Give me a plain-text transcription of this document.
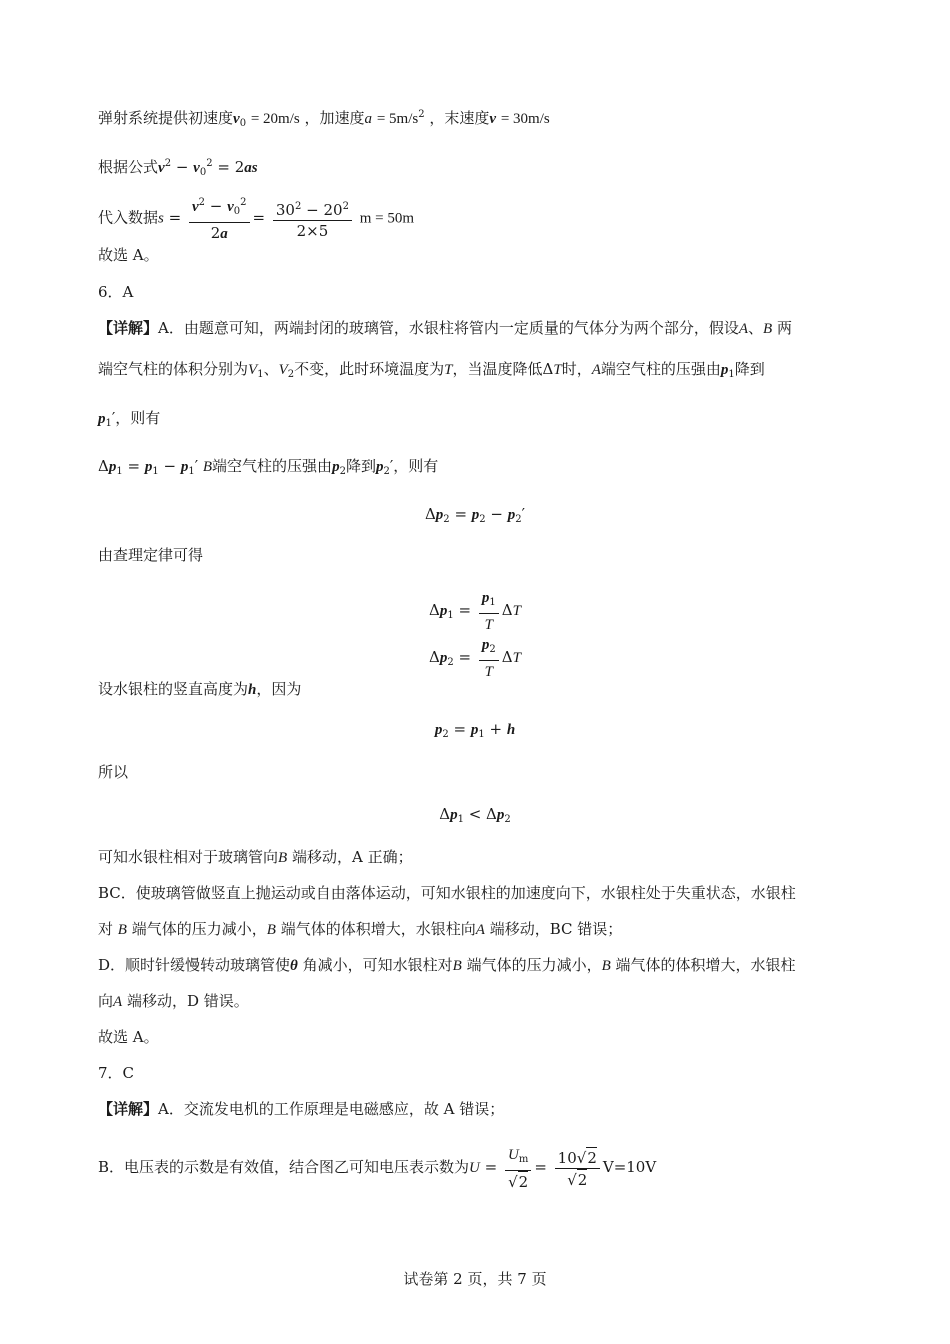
弹射系统提供初速度$v_0 = 20m/s$ ，加速度$a = 5m/s^2$ ，末速度v = 30m/s
根据公式$v^2 - v_0^2 = 2as$
代入数据$s = \frac{v^2 - v_0^2}{2a} = \frac{30^2 - 20^2}{2\times 5}$ m = 50m
故选 A。
6．A
【详解】A．由题意可知，两端封闭的玻璃管，水银柱将管内一定质量的气体分为两个部分，假设A、B 两
端空气柱的体积分别为$V_1$、$V_2$不变，此时环境温度为T，当温度降低ΔT时，A端空气柱的压强由$p_1$降到
$p_1'$，则有
$\Delta p_1 = p_1 - p_1'$ B端空气柱的压强由$p_2$降到$p_2'$，则有
$\Delta p_2 = p_2 - p_2'$
由查理定律可得
$\Delta p_1 = \frac{p_1}{T}$ ΔT
$\Delta p_2 = \frac{p_2}{T}$ ΔT
设水银柱的竖直高度为h，因为
$p_2 = p_1 + h$
所以
$\Delta p_1 < \Delta p_2$
可知水银柱相对于玻璃管向B 端移动，A 正确；
BC．使玻璃管做竖直上抛运动或自由落体运动，可知水银柱的加速度向下，水银柱处于失重状态，水银柱
对 B 端气体的压力减小，B 端气体的体积增大，水银柱向A 端移动，BC 错误；
D．顺时针缓慢转动玻璃管使θ 角减小，可知水银柱对B 端气体的压力减小，B 端气体的体积增大，水银柱
向A 端移动，D 错误。
故选 A。
7．C
【详解】A．交流发电机的工作原理是电磁感应，故 A 错误；
B．电压表的示数是有效值，结合图乙可知电压表示数为$U = \frac{U_m}{√2} = \frac{10√2}{√2} V=10V$
试卷第 2 页，共 7 页
